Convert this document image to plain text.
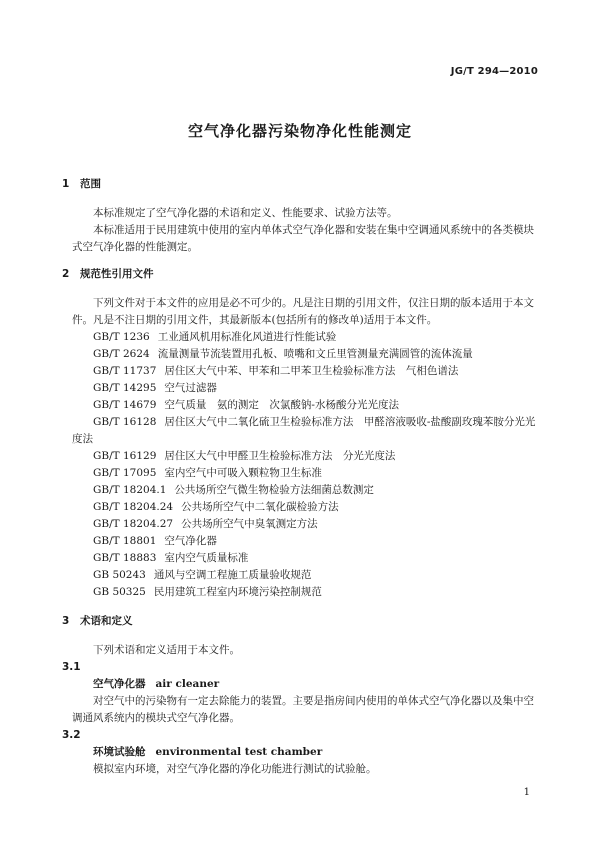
JG/T 294—2010
空气净化器污染物净化性能测定
1 范围

本标准规定了空气净化器的术语和定义、性能要求、试验方法等。

本标准适用于民用建筑中使用的室内单体式空气净化器和安装在集中空调通风系统中的各类模块式空气净化器的性能测定。

2 规范性引用文件

下列文件对于本文件的应用是必不可少的。凡是注日期的引用文件，仅注日期的版本适用于本文件。凡是不注日期的引用文件，其最新版本(包括所有的修改单)适用于本文件。

GB/T 1236 工业通风机用标准化风道进行性能试验

GB/T 2624 流量测量节流装置用孔板、喷嘴和文丘里管测量充满圆管的流体流量

GB/T 11737 居住区大气中苯、甲苯和二甲苯卫生检验标准方法　气相色谱法

GB/T 14295 空气过滤器

GB/T 14679 空气质量　氨的测定　次氯酸钠-水杨酸分光光度法

GB/T 16128 居住区大气中二氧化硫卫生检验标准方法　甲醛溶液吸收-盐酸副玫瑰苯胺分光光度法

GB/T 16129 居住区大气中甲醛卫生检验标准方法　分光光度法

GB/T 17095 室内空气中可吸入颗粒物卫生标准

GB/T 18204.1 公共场所空气微生物检验方法细菌总数测定

GB/T 18204.24 公共场所空气中二氧化碳检验方法

GB/T 18204.27 公共场所空气中臭氧测定方法

GB/T 18801 空气净化器

GB/T 18883 室内空气质量标准

GB 50243 通风与空调工程施工质量验收规范

GB 50325 民用建筑工程室内环境污染控制规范

3 术语和定义

下列术语和定义适用于本文件。

3.1
空气净化器 air cleaner

对空气中的污染物有一定去除能力的装置。主要是指房间内使用的单体式空气净化器以及集中空调通风系统内的模块式空气净化器。

3.2
环境试验舱 environmental test chamber

模拟室内环境，对空气净化器的净化功能进行测试的试验舱。

1
